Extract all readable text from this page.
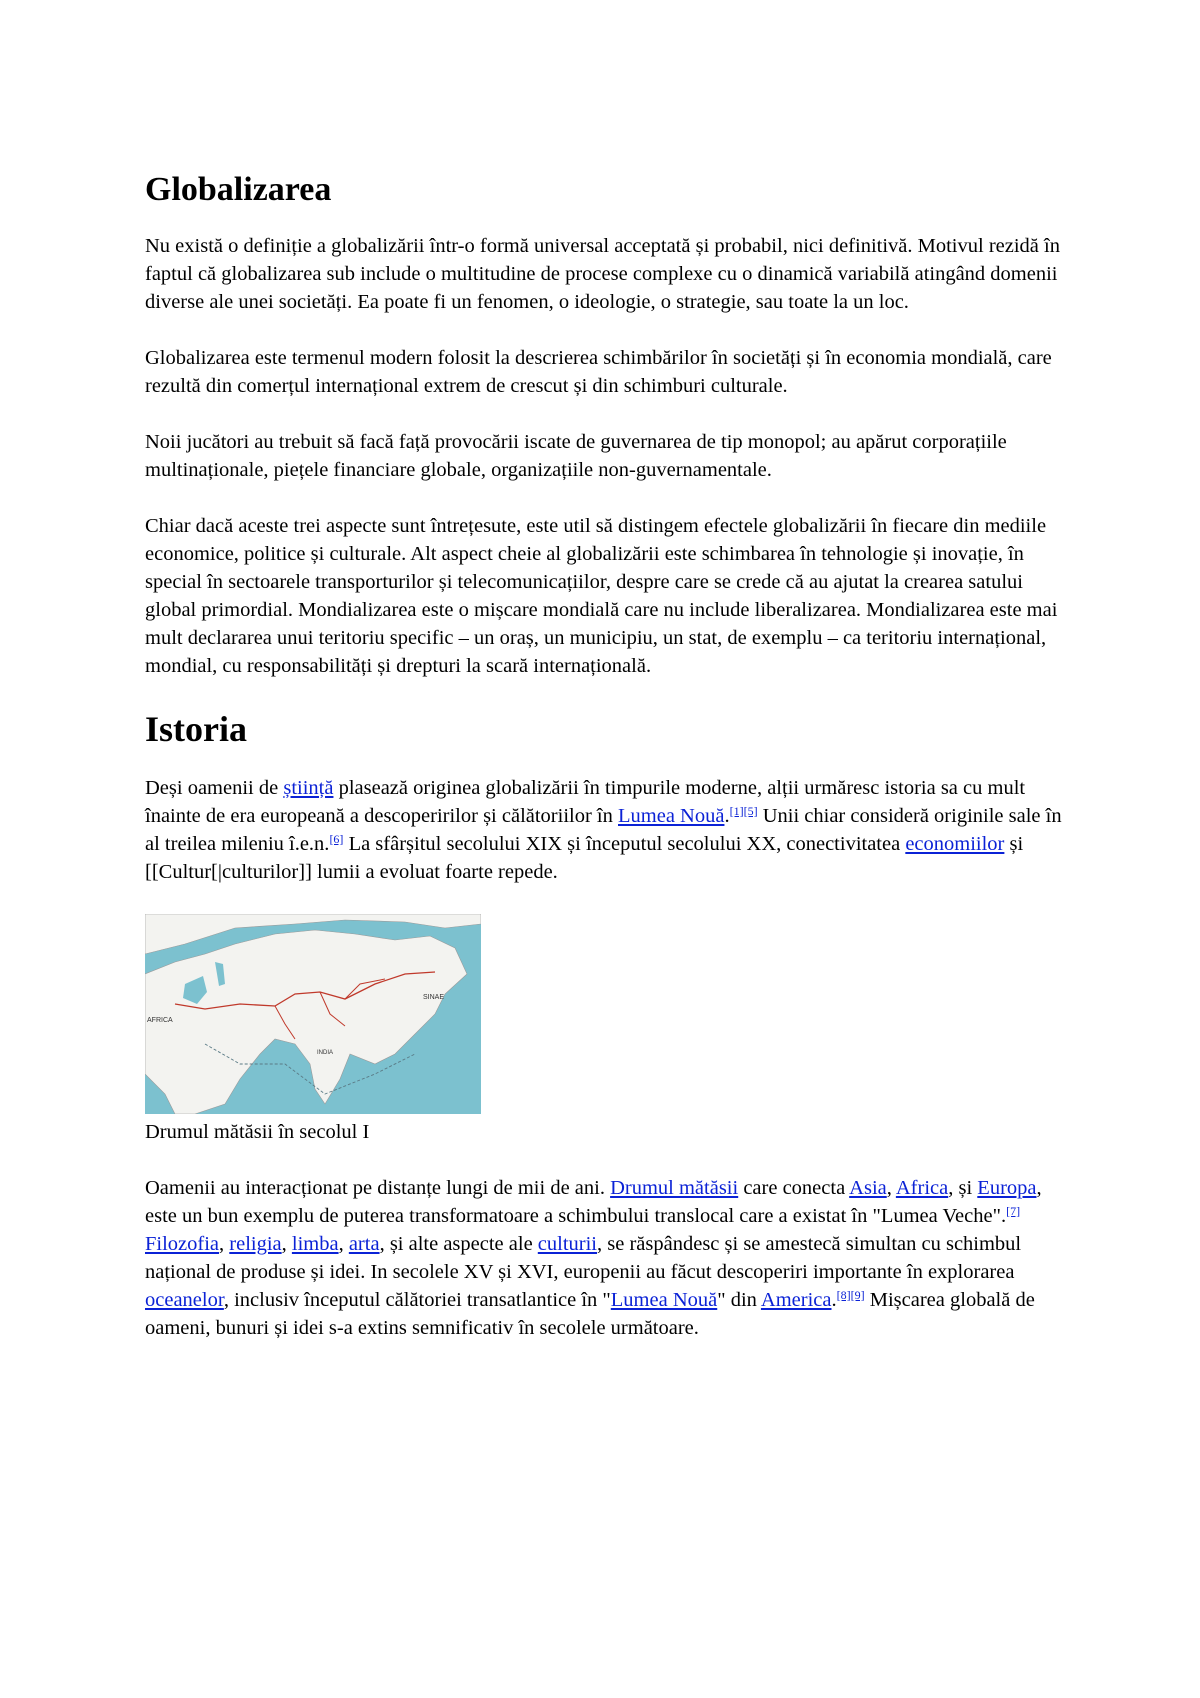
Globalizarea

Nu există o definiție a globalizării într-o formă universal acceptată și probabil, nici definitivă. Motivul rezidă în faptul că globalizarea sub include o multitudine de procese complexe cu o dinamică variabilă atingând domenii diverse ale unei societăți. Ea poate fi un fenomen, o ideologie, o strategie, sau toate la un loc.

Globalizarea este termenul modern folosit la descrierea schimbărilor în societăți și în economia mondială, care rezultă din comerțul internațional extrem de crescut și din schimburi culturale.

Noii jucători au trebuit să facă față provocării iscate de guvernarea de tip monopol; au apărut corporațiile multinaționale, piețele financiare globale, organizațiile non-guvernamentale.

Chiar dacă aceste trei aspecte sunt întrețesute, este util să distingem efectele globalizării în fiecare din mediile economice, politice și culturale. Alt aspect cheie al globalizării este schimbarea în tehnologie și inovație, în special în sectoarele transporturilor și telecomunicațiilor, despre care se crede că au ajutat la crearea satului global primordial. Mondializarea este o mișcare mondială care nu include liberalizarea. Mondializarea este mai mult declararea unui teritoriu specific – un oraș, un municipiu, un stat, de exemplu – ca teritoriu internațional, mondial, cu responsabilități și drepturi la scară internațională.

Istoria

Deși oamenii de știință plasează originea globalizării în timpurile moderne, alții urmăresc istoria sa cu mult înainte de era europeană a descoperirilor și călătoriilor în Lumea Nouă.[1][5] Unii chiar consideră originile sale în al treilea mileniu î.e.n.[6] La sfârșitul secolului XIX și începutul secolului XX, conectivitatea economiilor și [[Cultur[|culturilor]] lumii a evoluat foarte repede.

AFRICA
SINAE
INDIA
Drumul mătăsii în secolul I

Oamenii au interacționat pe distanțe lungi de mii de ani. Drumul mătăsii care conecta Asia, Africa, și Europa, este un bun exemplu de puterea transformatoare a schimbului translocal care a existat în "Lumea Veche".[7] Filozofia, religia, limba, arta, și alte aspecte ale culturii, se răspândesc și se amestecă simultan cu schimbul național de produse și idei. In secolele XV și XVI, europenii au făcut descoperiri importante în explorarea oceanelor, inclusiv începutul călătoriei transatlantice în "Lumea Nouă" din America.[8][9] Mișcarea globală de oameni, bunuri și idei s-a extins semnificativ în secolele următoare.
